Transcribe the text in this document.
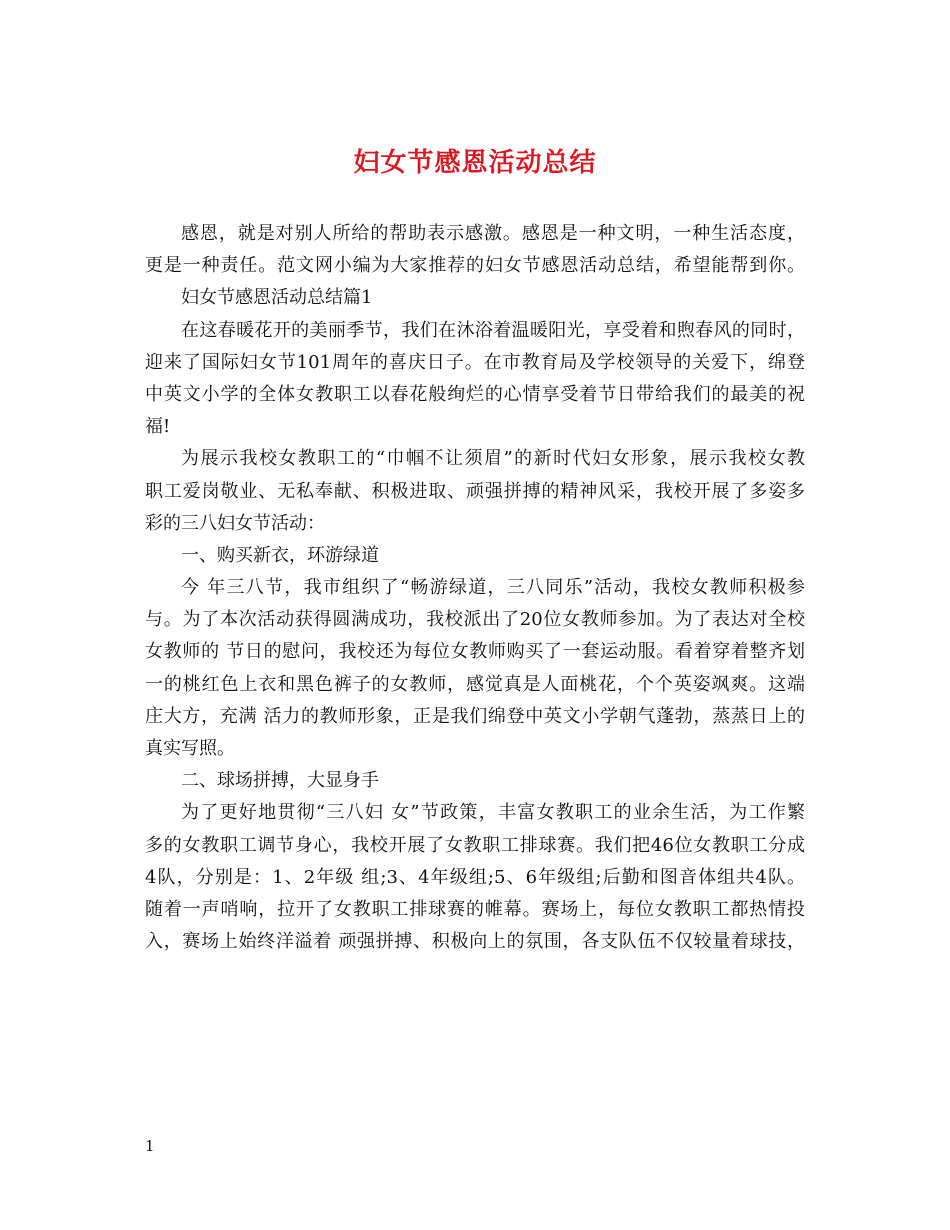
妇女节感恩活动总结
感恩，就是对别人所给的帮助表示感激。感恩是一种文明，一种生活态度，
更是一种责任。范文网小编为大家推荐的妇女节感恩活动总结，希望能帮到你。
妇女节感恩活动总结篇1
在这春暖花开的美丽季节，我们在沐浴着温暖阳光，享受着和煦春风的同时，
迎来了国际妇女节101周年的喜庆日子。在市教育局及学校领导的关爱下，绵登
中英文小学的全体女教职工以春花般绚烂的心情享受着节日带给我们的最美的祝
福!
为展示我校女教职工的“巾帼不让须眉”的新时代妇女形象，展示我校女教
职工爱岗敬业、无私奉献、积极进取、顽强拼搏的精神风采，我校开展了多姿多
彩的三八妇女节活动：
一、购买新衣，环游绿道
今 年三八节，我市组织了“畅游绿道，三八同乐”活动，我校女教师积极参
与。为了本次活动获得圆满成功，我校派出了20位女教师参加。为了表达对全校
女教师的 节日的慰问，我校还为每位女教师购买了一套运动服。看着穿着整齐划
一的桃红色上衣和黑色裤子的女教师，感觉真是人面桃花，个个英姿飒爽。这端
庄大方，充满 活力的教师形象，正是我们绵登中英文小学朝气蓬勃，蒸蒸日上的
真实写照。
二、球场拼搏，大显身手
为了更好地贯彻“三八妇 女”节政策，丰富女教职工的业余生活，为工作繁
多的女教职工调节身心，我校开展了女教职工排球赛。我们把46位女教职工分成
4队，分别是：1、2年级 组;3、4年级组;5、6年级组;后勤和图音体组共4队。
随着一声哨响，拉开了女教职工排球赛的帷幕。赛场上，每位女教职工都热情投
入，赛场上始终洋溢着 顽强拼搏、积极向上的氛围，各支队伍不仅较量着球技，
1
